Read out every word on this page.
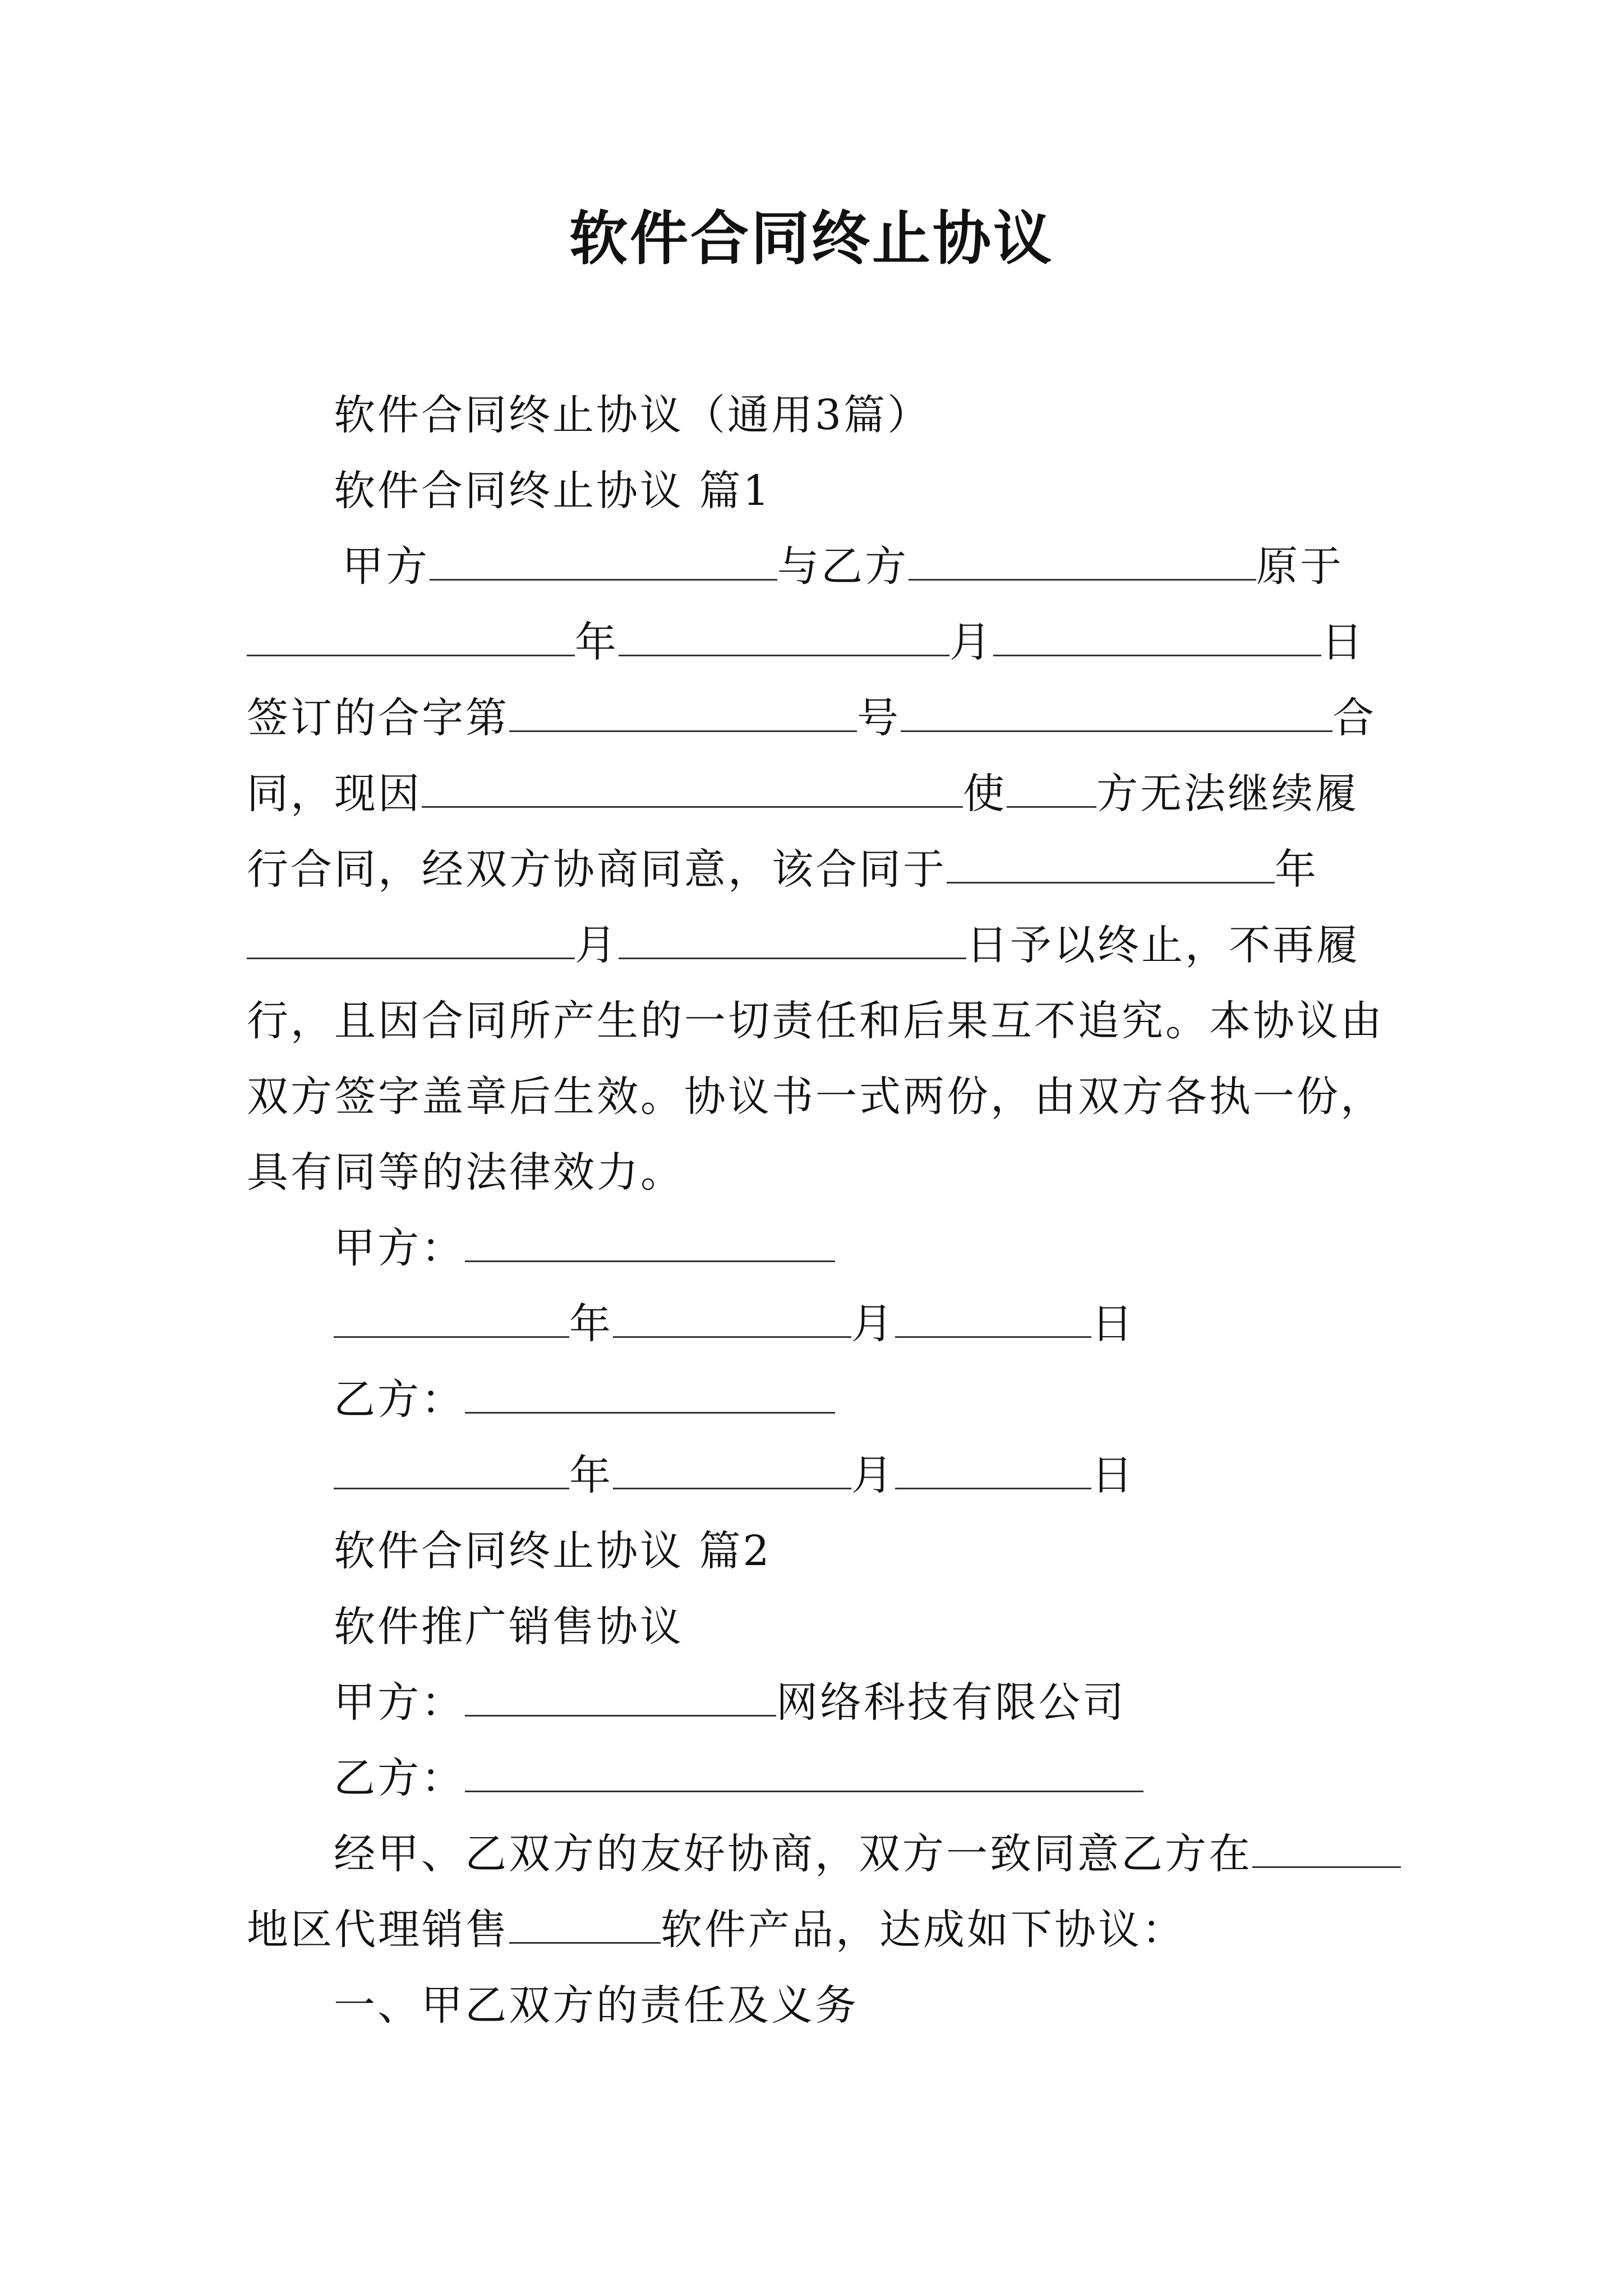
软件合同终止协议
软件合同终止协议（通用3篇）
软件合同终止协议 篇1
甲方	与乙方	原于
年	月	日
签订的合字第	号	合
同，现因	使 方无法继续履
行合同，经双方协商同意，该合同于	年
月	日予以终止，不再履
行，且因合同所产生的一切责任和后果互不追究。本协议由
双方签字盖章后生效。协议书一式两份，由双方各执一份，
具有同等的法律效力。
甲方：
年	月	日
乙方：
年	月	日
软件合同终止协议 篇2
软件推广销售协议
甲方：	网络科技有限公司
乙方：
经甲、乙双方的友好协商，双方一致同意乙方在
地区代理销售	软件产品，达成如下协议：
一、甲乙双方的责任及义务
